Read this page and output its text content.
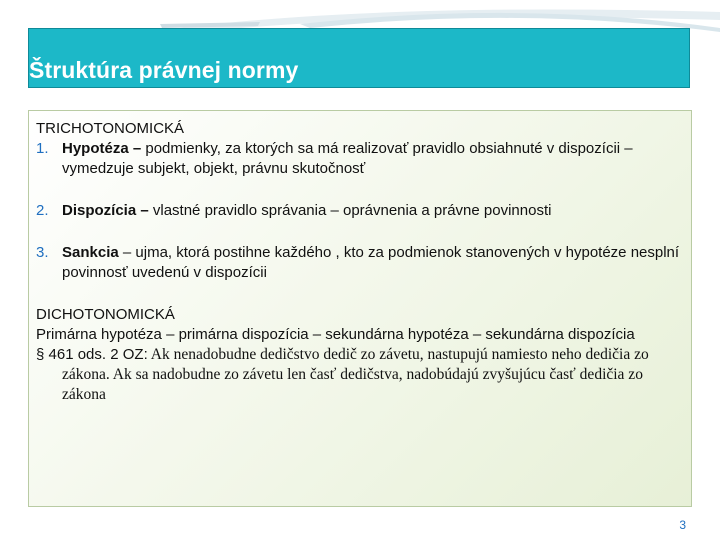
Štruktúra právnej normy

TRICHOTONOMICKÁ

1. Hypotéza – podmienky, za ktorých sa má realizovať pravidlo obsiahnuté v dispozícii – vymedzuje subjekt, objekt, právnu skutočnosť

2. Dispozícia – vlastné pravidlo správania – oprávnenia a právne povinnosti

3. Sankcia – ujma, ktorá postihne každého , kto za podmienok stanovených v hypotéze nesplní povinnosť uvedenú v dispozícii

DICHOTONOMICKÁ

Primárna hypotéza – primárna dispozícia – sekundárna hypotéza – sekundárna dispozícia

§ 461 ods. 2 OZ: Ak nenadobudne dedičstvo dedič zo závetu, nastupujú namiesto neho dedičia zo zákona. Ak sa nadobudne zo závetu len časť dedičstva, nadobúdajú zvyšujúcu časť dedičia zo zákona

3
